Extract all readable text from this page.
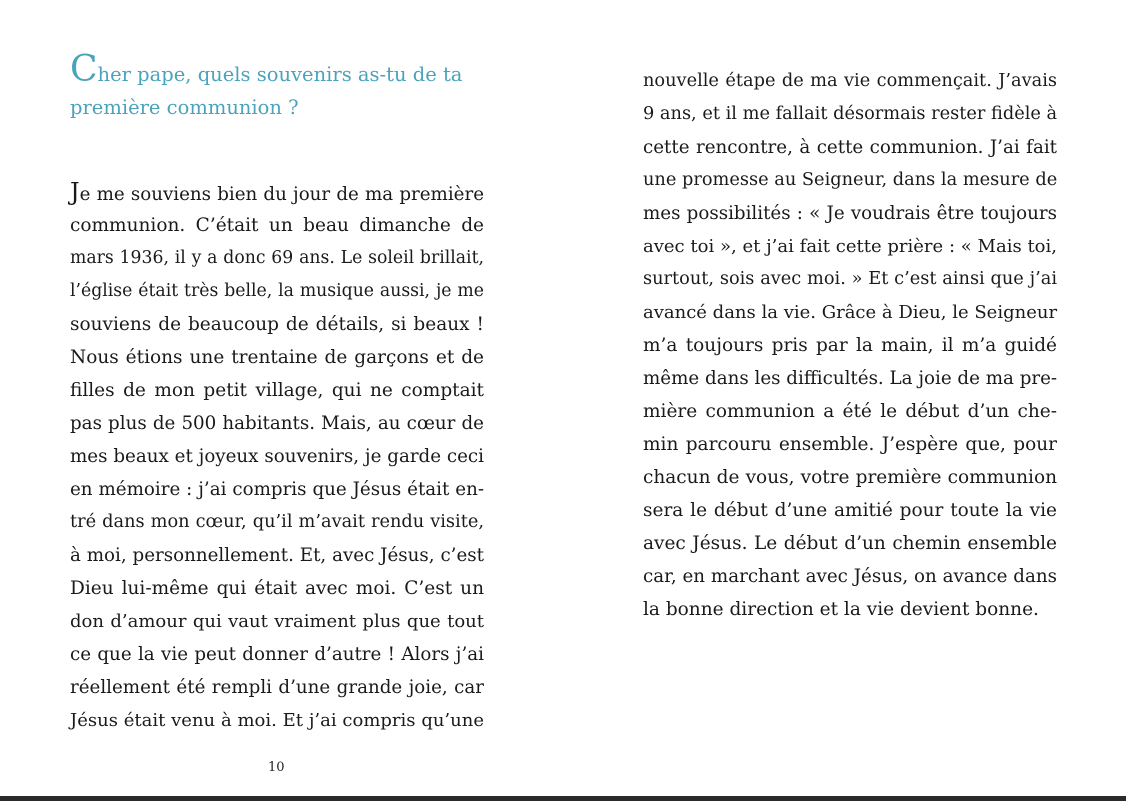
Cher pape, quels souvenirs as-tu de ta
première communion ?

Je me souviens bien du jour de ma première
communion. C’était un beau dimanche de
mars 1936, il y a donc 69 ans. Le soleil brillait,
l’église était très belle, la musique aussi, je me
souviens de beaucoup de détails, si beaux !
Nous étions une trentaine de garçons et de
filles de mon petit village, qui ne comptait
pas plus de 500 habitants. Mais, au cœur de
mes beaux et joyeux souvenirs, je garde ceci
en mémoire : j’ai compris que Jésus était en-
tré dans mon cœur, qu’il m’avait rendu visite,
à moi, personnellement. Et, avec Jésus, c’est
Dieu lui-même qui était avec moi. C’est un
don d’amour qui vaut vraiment plus que tout
ce que la vie peut donner d’autre ! Alors j’ai
réellement été rempli d’une grande joie, car
Jésus était venu à moi. Et j’ai compris qu’une
nouvelle étape de ma vie commençait. J’avais
9 ans, et il me fallait désormais rester fidèle à
cette rencontre, à cette communion. J’ai fait
une promesse au Seigneur, dans la mesure de
mes possibilités : « Je voudrais être toujours
avec toi », et j’ai fait cette prière : « Mais toi,
surtout, sois avec moi. » Et c’est ainsi que j’ai
avancé dans la vie. Grâce à Dieu, le Seigneur
m’a toujours pris par la main, il m’a guidé
même dans les difficultés. La joie de ma pre-
mière communion a été le début d’un che-
min parcouru ensemble. J’espère que, pour
chacun de vous, votre première communion
sera le début d’une amitié pour toute la vie
avec Jésus. Le début d’un chemin ensemble
car, en marchant avec Jésus, on avance dans
la bonne direction et la vie devient bonne.
10
